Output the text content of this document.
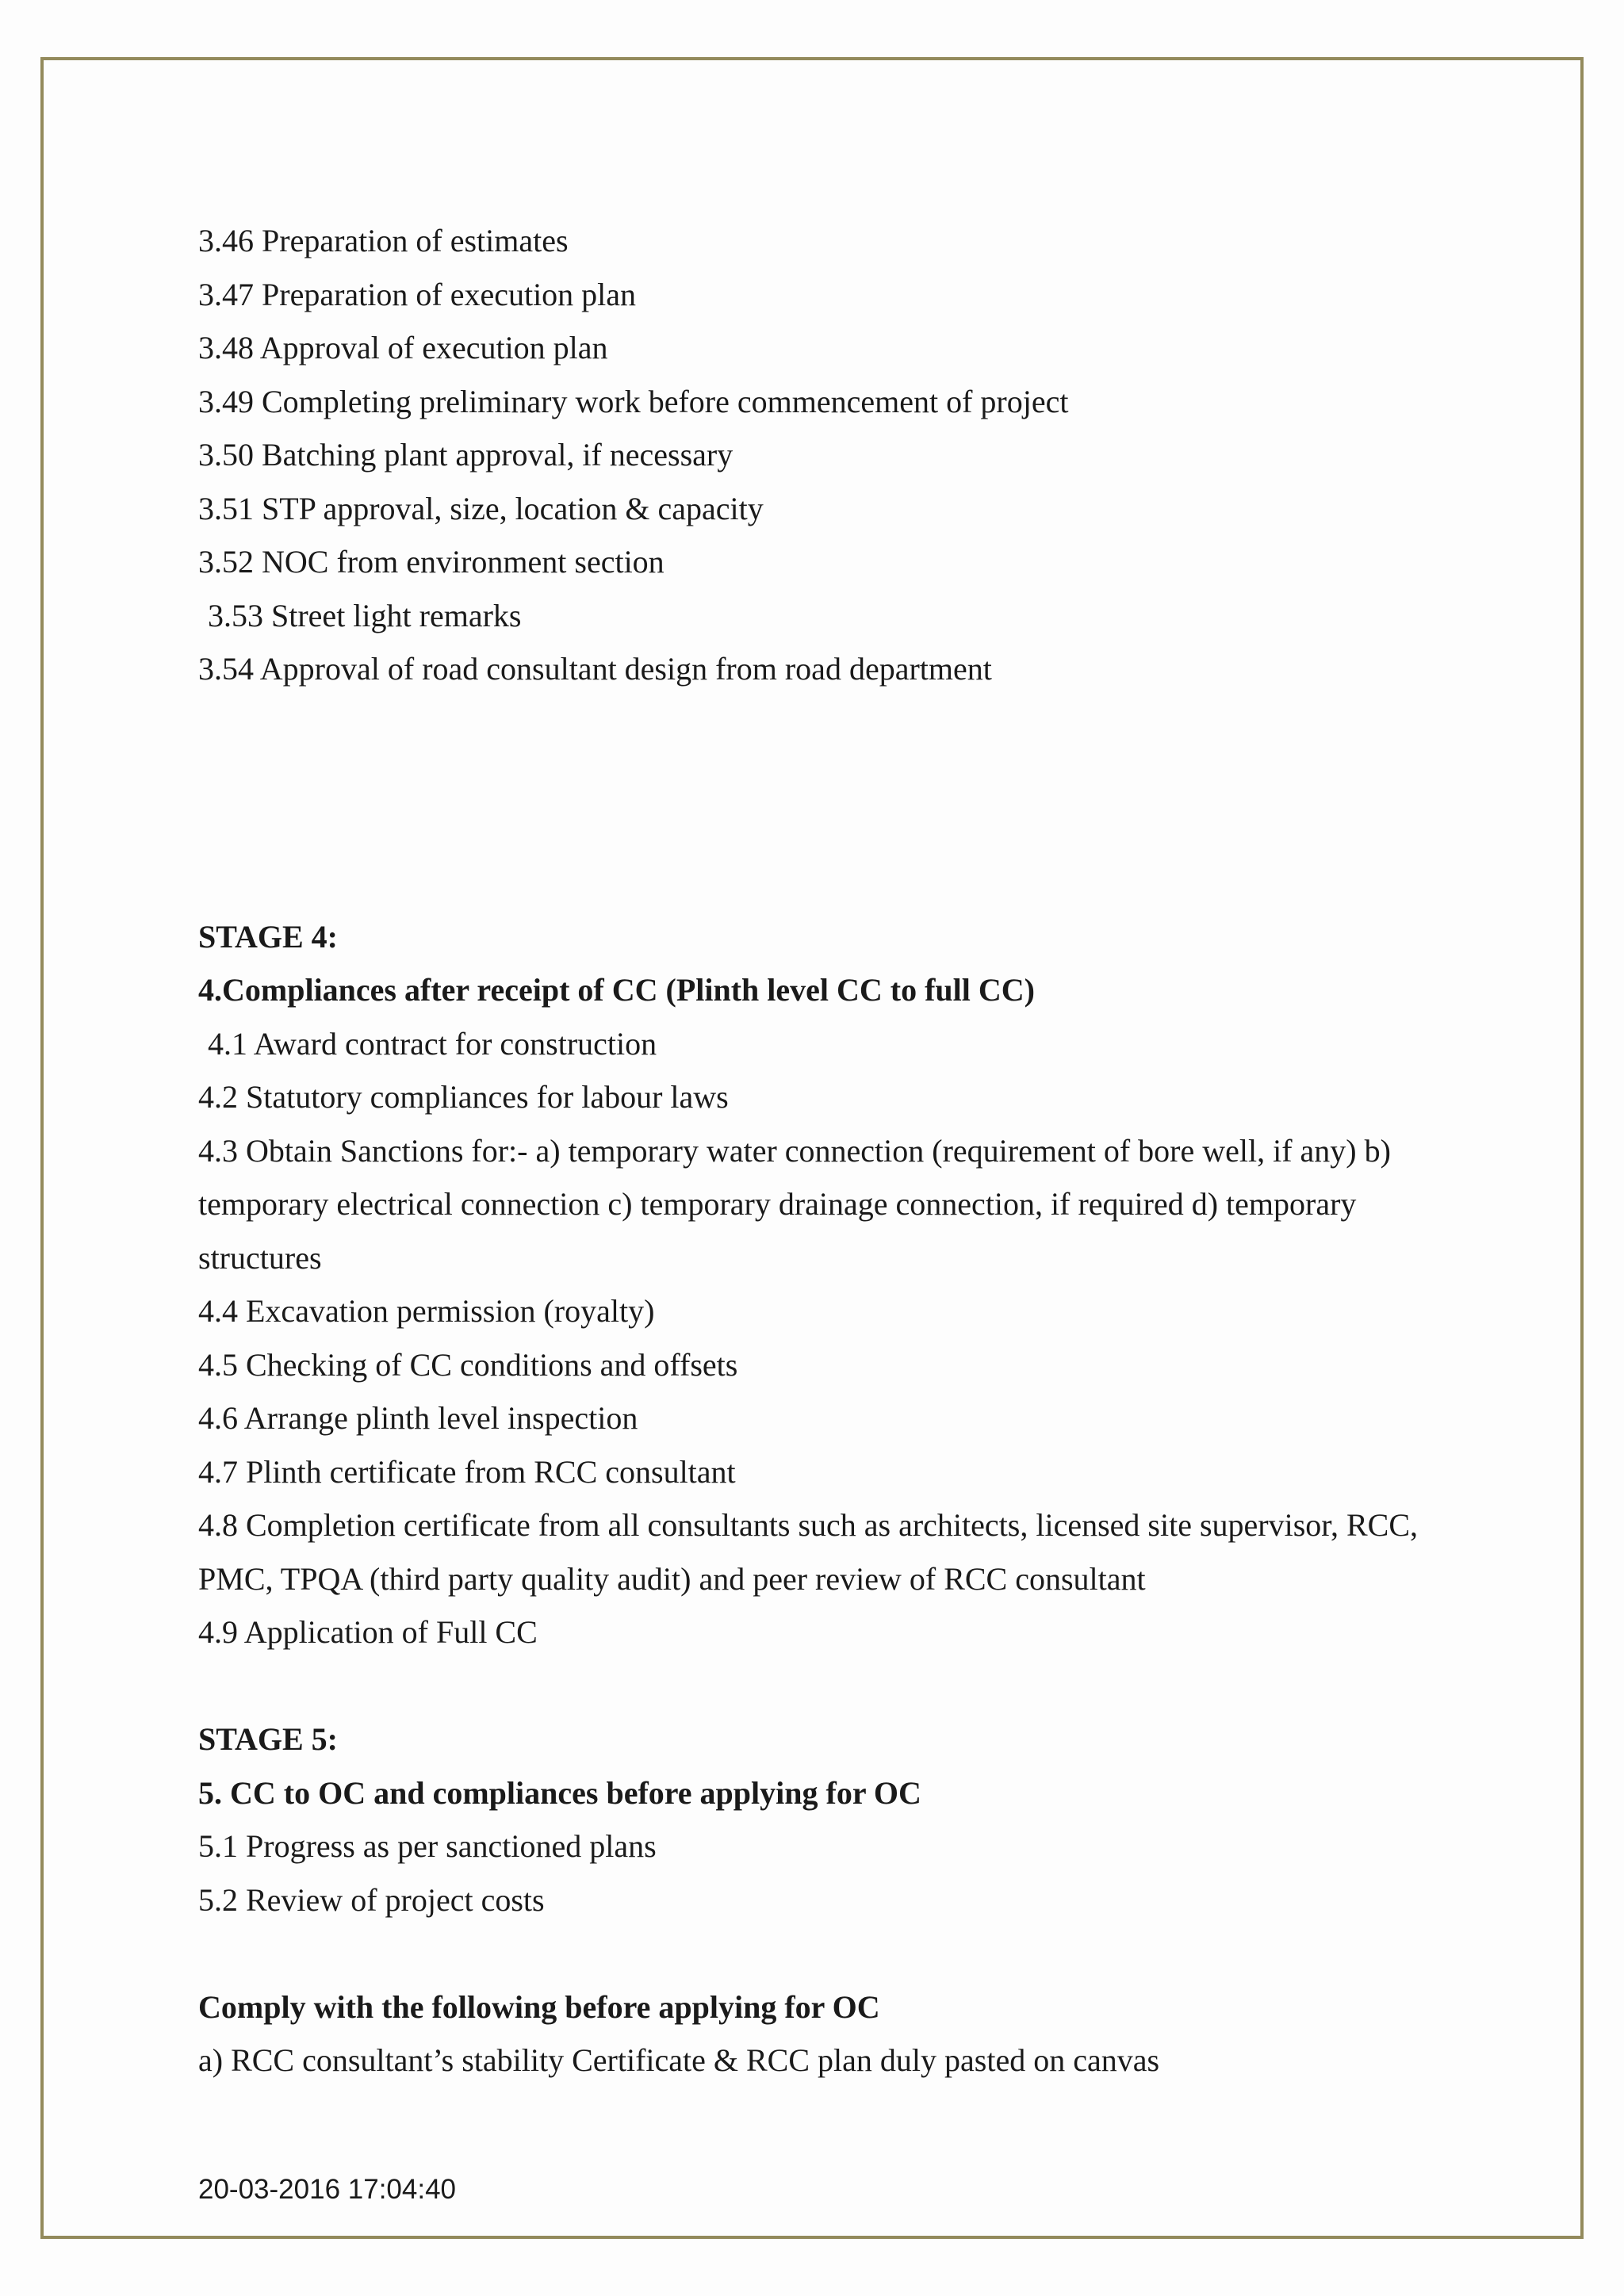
3.46 Preparation of estimates
3.47 Preparation of execution plan
3.48 Approval of execution plan
3.49 Completing preliminary work before commencement of project
3.50 Batching plant approval, if necessary
3.51 STP approval, size, location & capacity
3.52 NOC from environment section
3.53 Street light remarks
3.54 Approval of road consultant design from road department
STAGE 4:
4.Compliances after receipt of CC (Plinth level CC to full CC)
4.1 Award contract for construction
4.2 Statutory compliances for labour laws
4.3 Obtain Sanctions for:- a) temporary water connection (requirement of bore well, if any) b) temporary electrical connection c) temporary drainage connection, if required d) temporary structures
4.4 Excavation permission (royalty)
4.5 Checking of CC conditions and offsets
4.6 Arrange plinth level inspection
4.7 Plinth certificate from RCC consultant
4.8 Completion certificate from all consultants such as architects, licensed site supervisor, RCC, PMC, TPQA (third party quality audit) and peer review of RCC consultant
4.9 Application of Full CC
STAGE 5:
5. CC to OC and compliances before applying for OC
5.1 Progress as per sanctioned plans
5.2 Review of project costs
Comply with the following before applying for OC
a) RCC consultant’s stability Certificate & RCC plan duly pasted on canvas
20-03-2016 17:04:40
